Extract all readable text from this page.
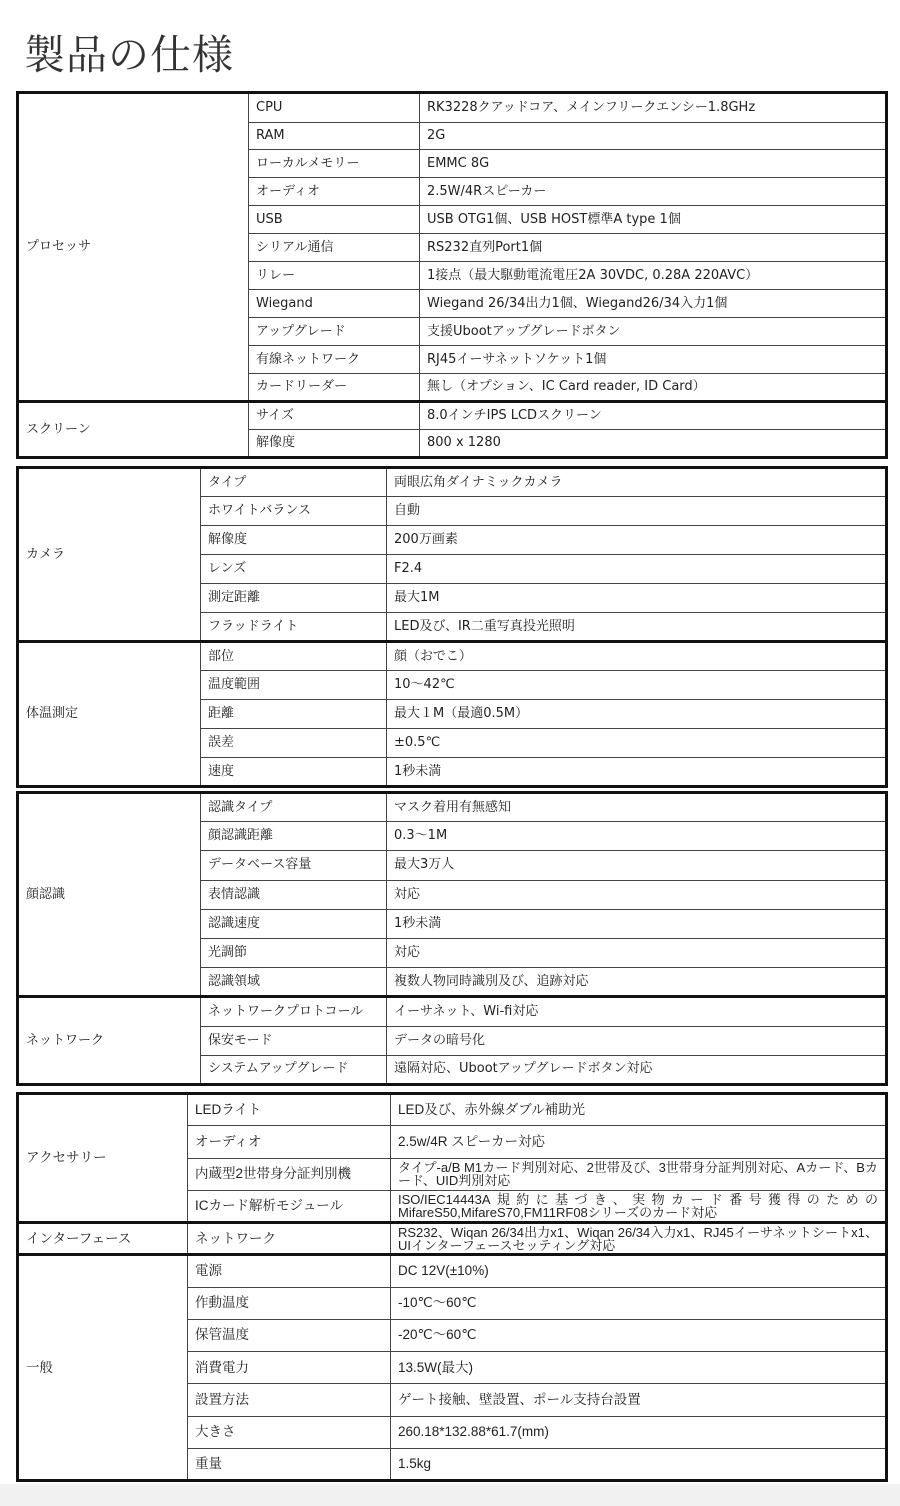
製品の仕様
プロセッサ	CPU	RK3228クアッドコア、メインフリークエンシー1.8GHz
	RAM	2G
	ローカルメモリー	EMMC 8G
	オーディオ	2.5W/4Rスピーカー
	USB	USB OTG1個、USB HOST標準A type 1個
	シリアル通信	RS232直列Port1個
	リレー	1接点（最大駆動電流電圧2A 30VDC, 0.28A 220AVC）
	Wiegand	Wiegand 26/34出力1個、Wiegand26/34入力1個
	アップグレード	支援Ubootアップグレードボタン
	有線ネットワーク	RJ45イーサネットソケット1個
	カードリーダー	無し（オプション、IC Card reader, ID Card）
スクリーン	サイズ	8.0インチIPS LCDスクリーン
	解像度	800 x 1280
カメラ	タイプ	両眼広角ダイナミックカメラ
	ホワイトバランス	自動
	解像度	200万画素
	レンズ	F2.4
	測定距離	最大1M
	フラッドライト	LED及び、IR二重写真投光照明
体温測定	部位	顔（おでこ）
	温度範囲	10～42℃
	距離	最大１M（最適0.5M）
	誤差	±0.5℃
	速度	1秒未満
顔認識	認識タイプ	マスク着用有無感知
	顔認識距離	0.3～1M
	データベース容量	最大3万人
	表情認識	対応
	認識速度	1秒未満
	光調節	対応
	認識領域	複数人物同時識別及び、追跡対応
ネットワーク	ネットワークプロトコール	イーサネット、Wi-fi対応
	保安モード	データの暗号化
	システムアップグレード	遠隔対応、Ubootアップグレードボタン対応
アクセサリー	LEDライト	LED及び、赤外線ダブル補助光
	オーディオ	2.5w/4R スピーカー対応
	内蔵型2世帯身分証判別機	タイプ-a/B M1カード判別対応、2世帯及び、3世帯身分証判別対応、Aカード、Bカード、UID判別対応
	ICカード解析モジュール	ISO/IEC14443A規約に基づき、実物カード番号獲得のためのMifareS50,MifareS70,FM11RF08シリーズのカード対応
インターフェース	ネットワーク	RS232、Wiqan 26/34出力x1、Wiqan 26/34入力x1、RJ45イーサネットシートx1、UIインターフェースセッティング対応
一般	電源	DC 12V(±10%)
	作動温度	-10℃～60℃
	保管温度	-20℃～60℃
	消費電力	13.5W(最大)
	設置方法	ゲート接触、壁設置、ポール支持台設置
	大きさ	260.18*132.88*61.7(mm)
	重量	1.5kg
